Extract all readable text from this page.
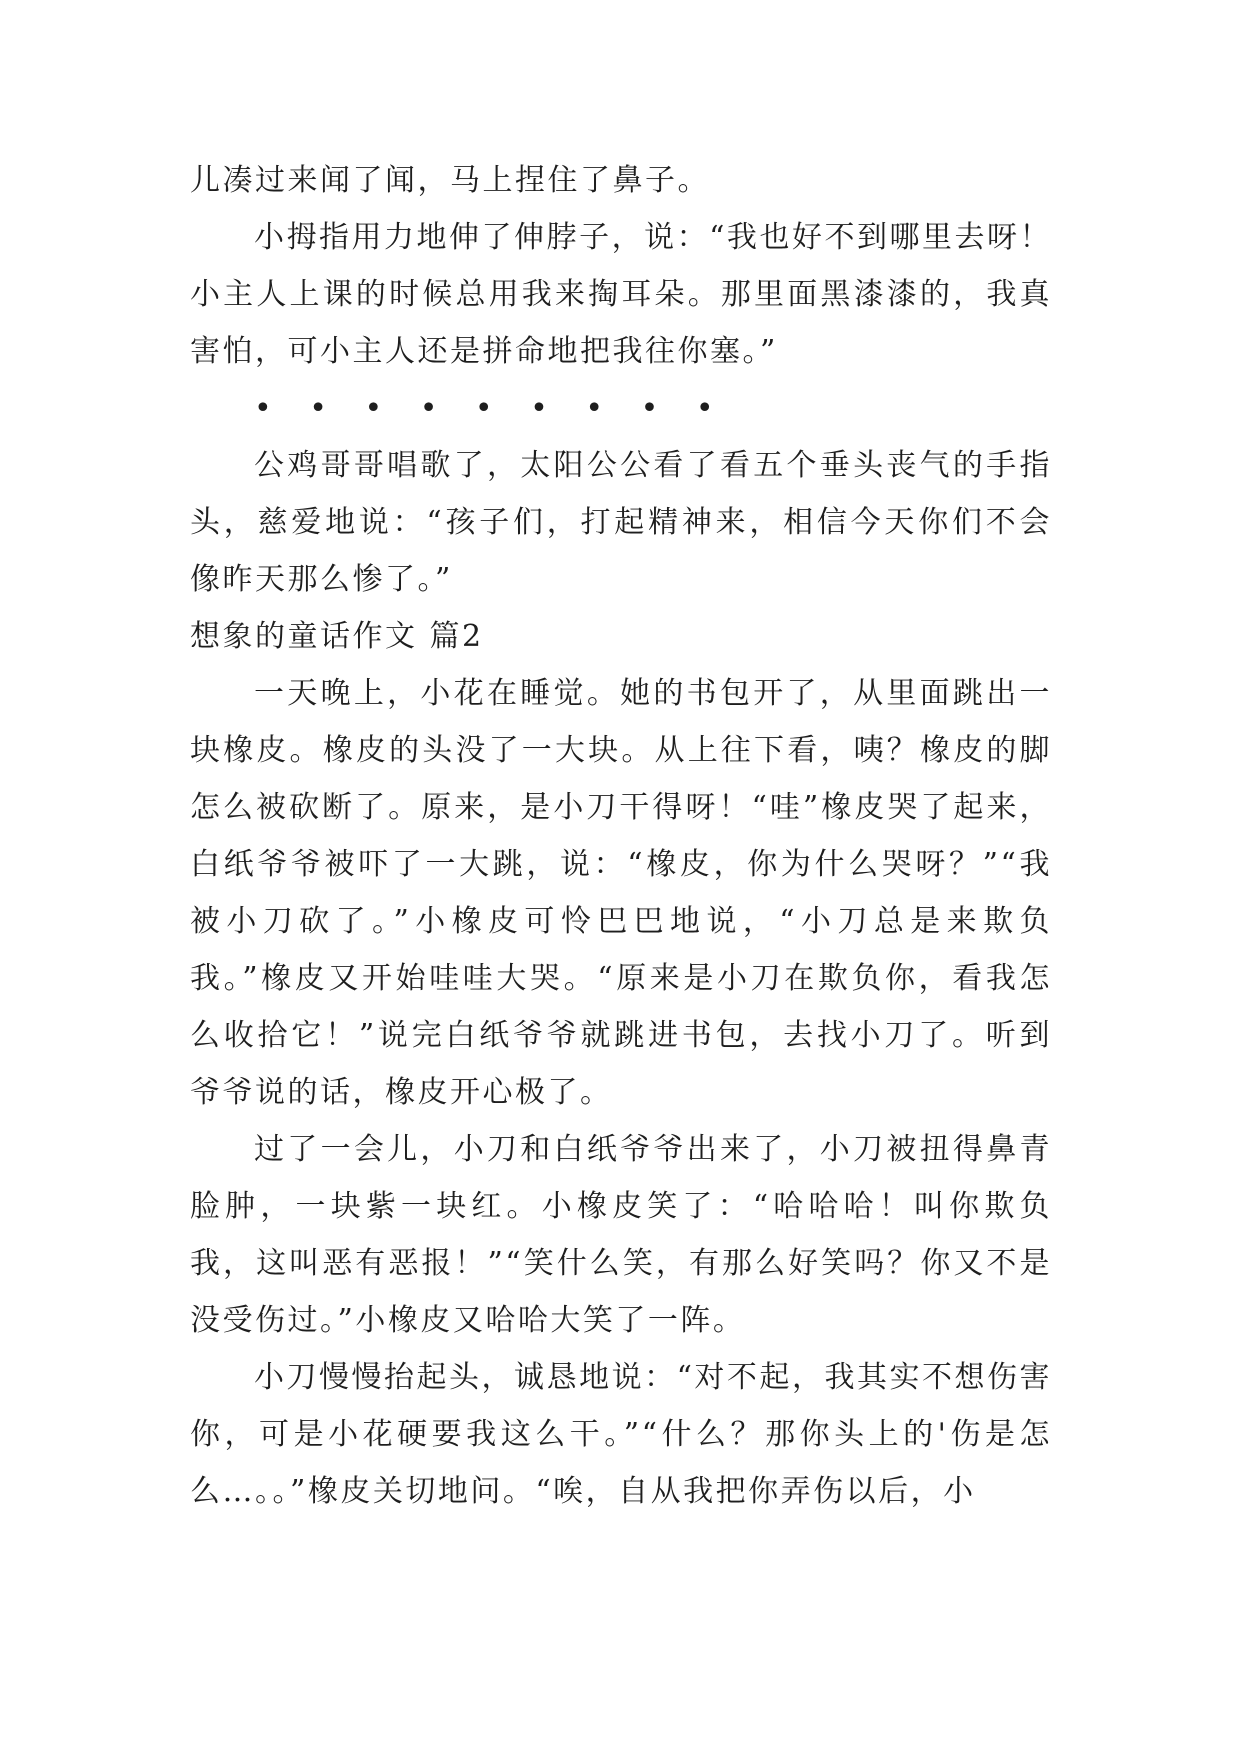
儿凑过来闻了闻，马上捏住了鼻子。

小拇指用力地伸了伸脖子，说：“我也好不到哪里去呀！小主人上课的时候总用我来掏耳朵。那里面黑漆漆的，我真害怕，可小主人还是拼命地把我往你塞。”

• • • • • • • • •

公鸡哥哥唱歌了，太阳公公看了看五个垂头丧气的手指头，慈爱地说：“孩子们，打起精神来，相信今天你们不会像昨天那么惨了。”

想象的童话作文 篇2

一天晚上，小花在睡觉。她的书包开了，从里面跳出一块橡皮。橡皮的头没了一大块。从上往下看，咦？橡皮的脚怎么被砍断了。原来，是小刀干得呀！“哇”橡皮哭了起来，白纸爷爷被吓了一大跳，说：“橡皮，你为什么哭呀？”“我被小刀砍了。”小橡皮可怜巴巴地说，“小刀总是来欺负我。”橡皮又开始哇哇大哭。“原来是小刀在欺负你，看我怎么收拾它！”说完白纸爷爷就跳进书包，去找小刀了。听到爷爷说的话，橡皮开心极了。

过了一会儿，小刀和白纸爷爷出来了，小刀被扭得鼻青脸肿，一块紫一块红。小橡皮笑了：“哈哈哈！叫你欺负我，这叫恶有恶报！”“笑什么笑，有那么好笑吗？你又不是没受伤过。”小橡皮又哈哈大笑了一阵。

小刀慢慢抬起头，诚恳地说：“对不起，我其实不想伤害你，可是小花硬要我这么干。”“什么？那你头上的'伤是怎么…。。”橡皮关切地问。“唉，自从我把你弄伤以后，小
